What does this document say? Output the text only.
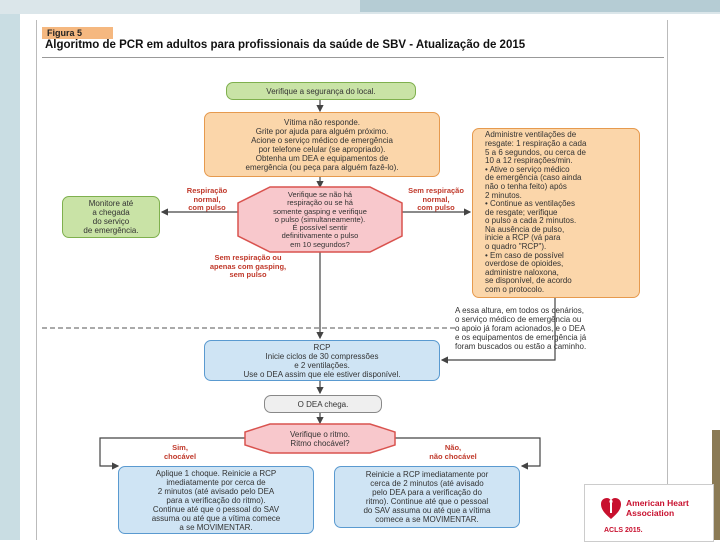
Figura 5
Algoritmo de PCR em adultos para profissionais da saúde de SBV - Atualização de 2015
Verifique a segurança do local.
Vítima não responde.
Grite por ajuda para alguém próximo.
Acione o serviço médico de emergência
por telefone celular (se apropriado).
Obtenha um DEA e equipamentos de
emergência (ou peça para alguém fazê-lo).
Verifique se não há
respiração ou se há
somente gasping e verifique
o pulso (simultaneamente).
É possível sentir
definitivamente o pulso
em 10 segundos?
Monitore até
a chegada
do serviço
de emergência.
Administre ventilações de
resgate: 1 respiração a cada
5 a 6 segundos, ou cerca de
10 a 12 respirações/min.
• Ative o serviço médico
de emergência (caso ainda
não o tenha feito) após
2 minutos.
• Continue as ventilações
de resgate; verifique
o pulso a cada 2 minutos.
Na ausência de pulso,
inicie a RCP (vá para
o quadro "RCP").
• Em caso de possível
overdose de opioides,
administre naloxona,
se disponível, de acordo
com o protocolo.
A essa altura, em todos os cenários,
o serviço médico de emergência ou
o apoio já foram acionados, e o DEA
e os equipamentos de emergência já
foram buscados ou estão a caminho.
Respiração
normal,
com pulso
Sem respiração
normal,
com pulso
Sem respiração ou
apenas com gasping,
sem pulso
RCP
Inicie ciclos de 30 compressões
e 2 ventilações.
Use o DEA assim que ele estiver disponível.
O DEA chega.
Verifique o ritmo.
Ritmo chocável?
Sim,
chocável
Não,
não chocável
Aplique 1 choque. Reinicie a RCP
imediatamente por cerca de
2 minutos (até avisado pelo DEA
para a verificação do ritmo).
Continue até que o pessoal do SAV
assuma ou até que a vítima comece
a se MOVIMENTAR.
Reinicie a RCP imediatamente por
cerca de 2 minutos (até avisado
pelo DEA para a verificação do
ritmo). Continue até que o pessoal
do SAV assuma ou até que a vítima
comece a se MOVIMENTAR.
American Heart
Association
ACLS 2015.
